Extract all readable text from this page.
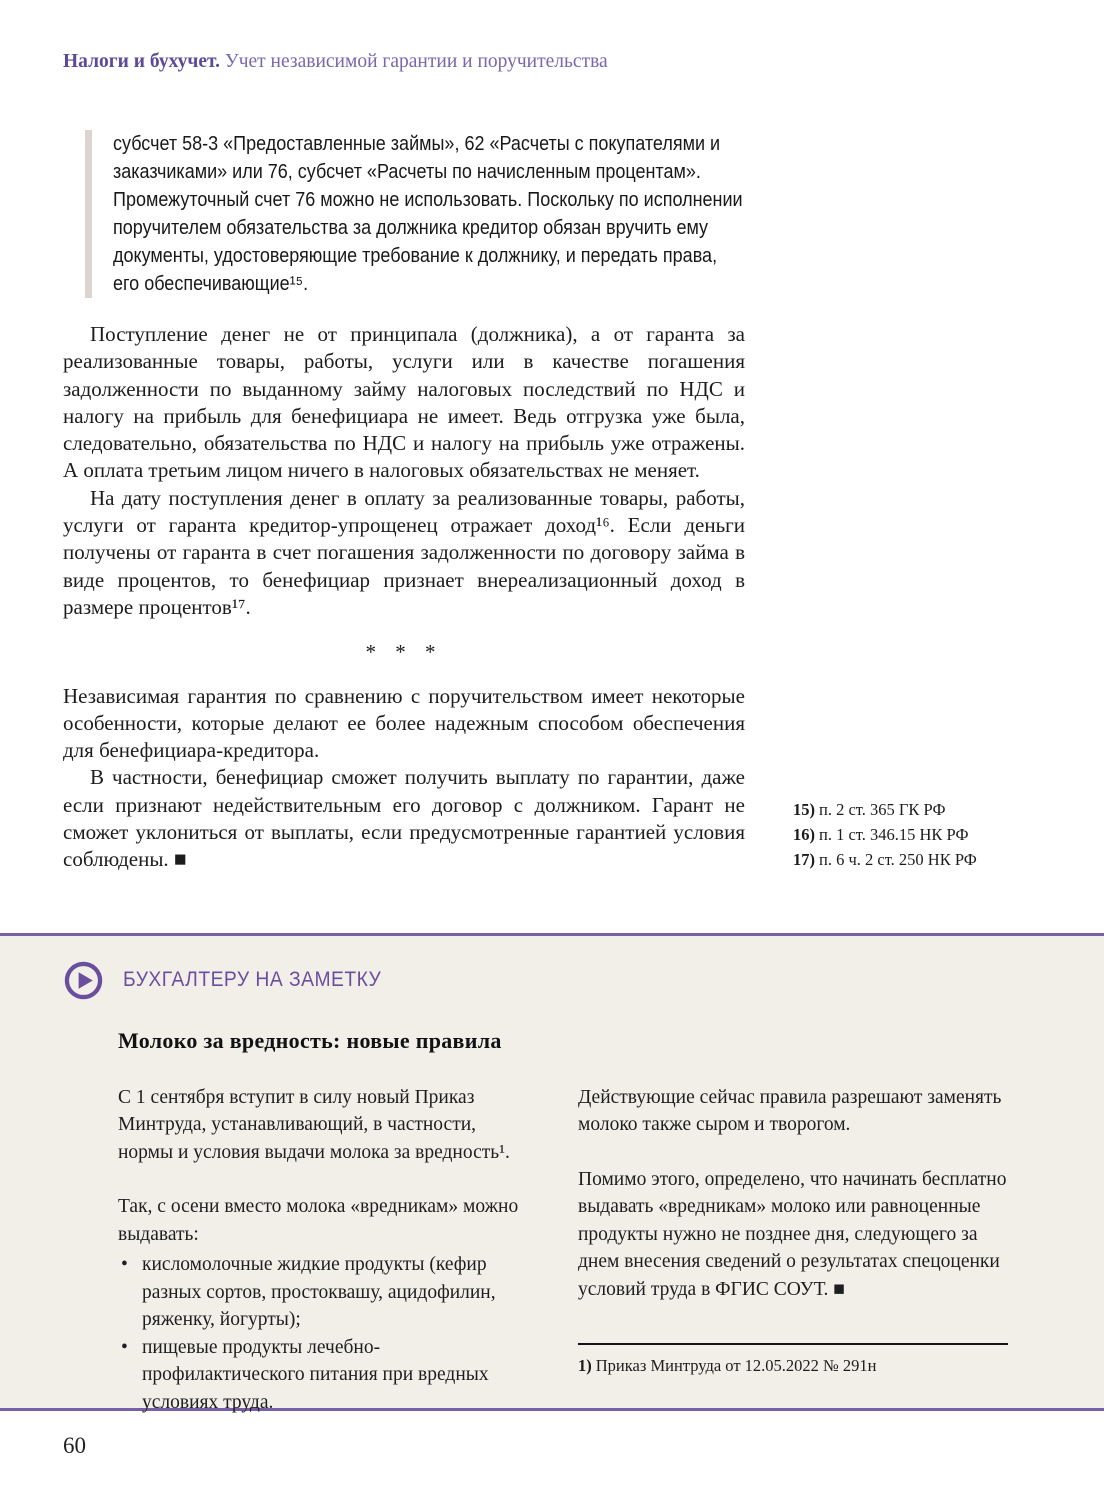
Налоги и бухучет. Учет независимой гарантии и поручительства

субсчет 58-3 «Предоставленные займы», 62 «Расчеты с покупателями и заказчиками» или 76, субсчет «Расчеты по начисленным процентам».

Промежуточный счет 76 можно не использовать. Поскольку по исполнении поручителем обязательства за должника кредитор обязан вручить ему документы, удостоверяющие требование к должнику, и передать права, его обеспечивающие¹⁵.

Поступление денег не от принципала (должника), а от гаранта за реализованные товары, работы, услуги или в качестве погашения задолженности по выданному займу налоговых последствий по НДС и налогу на прибыль для бенефициара не имеет. Ведь отгрузка уже была, следовательно, обязательства по НДС и налогу на прибыль уже отражены. А оплата третьим лицом ничего в налоговых обязательствах не меняет.

На дату поступления денег в оплату за реализованные товары, работы, услуги от гаранта кредитор-упрощенец отражает доход¹⁶. Если деньги получены от гаранта в счет погашения задолженности по договору займа в виде процентов, то бенефициар признает внереализационный доход в размере процентов¹⁷.

* * *

Независимая гарантия по сравнению с поручительством имеет некоторые особенности, которые делают ее более надежным способом обеспечения для бенефициара-кредитора.

В частности, бенефициар сможет получить выплату по гарантии, даже если признают недействительным его договор с должником. Гарант не сможет уклониться от выплаты, если предусмотренные гарантией условия соблюдены. ■

15) п. 2 ст. 365 ГК РФ
16) п. 1 ст. 346.15 НК РФ
17) п. 6 ч. 2 ст. 250 НК РФ
БУХГАЛТЕРУ НА ЗАМЕТКУ
Молоко за вредность: новые правила

С 1 сентября вступит в силу новый Приказ Минтруда, устанавливающий, в частности, нормы и условия выдачи молока за вредность¹.

Так, с осени вместо молока «вредникам» можно выдавать:

• кисломолочные жидкие продукты (кефир разных сортов, простоквашу, ацидофилин, ряженку, йогурты);
• пищевые продукты лечебно-профилактического питания при вредных условиях труда.

Действующие сейчас правила разрешают заменять молоко также сыром и творогом.

Помимо этого, определено, что начинать бесплатно выдавать «вредникам» молоко или равноценные продукты нужно не позднее дня, следующего за днем внесения сведений о результатах спецоценки условий труда в ФГИС СОУТ. ■

1) Приказ Минтруда от 12.05.2022 № 291н
60
